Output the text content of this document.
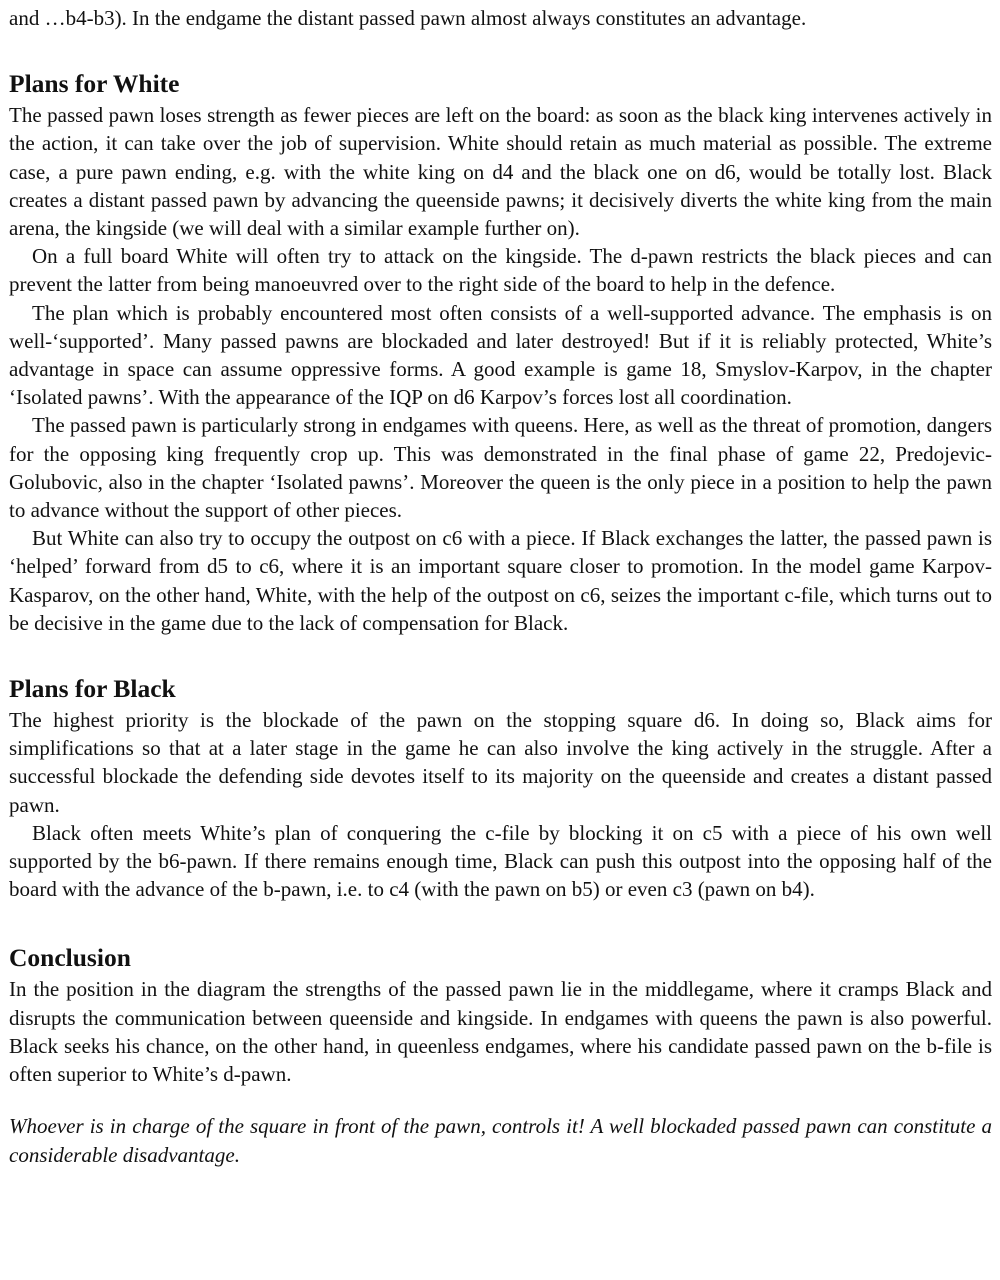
and …b4-b3). In the endgame the distant passed pawn almost always constitutes an advantage.

Plans for White

The passed pawn loses strength as fewer pieces are left on the board: as soon as the black king intervenes actively in the action, it can take over the job of supervision. White should retain as much material as possible. The extreme case, a pure pawn ending, e.g. with the white king on d4 and the black one on d6, would be totally lost. Black creates a distant passed pawn by advancing the queenside pawns; it decisively diverts the white king from the main arena, the kingside (we will deal with a similar example further on).

On a full board White will often try to attack on the kingside. The d-pawn restricts the black pieces and can prevent the latter from being manoeuvred over to the right side of the board to help in the defence.

The plan which is probably encountered most often consists of a well-supported advance. The emphasis is on well-‘supported’. Many passed pawns are blockaded and later destroyed! But if it is reliably protected, White’s advantage in space can assume oppressive forms. A good example is game 18, Smyslov-Karpov, in the chapter ‘Isolated pawns’. With the appearance of the IQP on d6 Karpov’s forces lost all coordination.

The passed pawn is particularly strong in endgames with queens. Here, as well as the threat of promotion, dangers for the opposing king frequently crop up. This was demonstrated in the final phase of game 22, Predojevic-Golubovic, also in the chapter ‘Isolated pawns’. Moreover the queen is the only piece in a position to help the pawn to advance without the support of other pieces.

But White can also try to occupy the outpost on c6 with a piece. If Black exchanges the latter, the passed pawn is ‘helped’ forward from d5 to c6, where it is an important square closer to promotion. In the model game Karpov-Kasparov, on the other hand, White, with the help of the outpost on c6, seizes the important c-file, which turns out to be decisive in the game due to the lack of compensation for Black.

Plans for Black

The highest priority is the blockade of the pawn on the stopping square d6. In doing so, Black aims for simplifications so that at a later stage in the game he can also involve the king actively in the struggle. After a successful blockade the defending side devotes itself to its majority on the queenside and creates a distant passed pawn.

Black often meets White’s plan of conquering the c-file by blocking it on c5 with a piece of his own well supported by the b6-pawn. If there remains enough time, Black can push this outpost into the opposing half of the board with the advance of the b-pawn, i.e. to c4 (with the pawn on b5) or even c3 (pawn on b4).

Conclusion

In the position in the diagram the strengths of the passed pawn lie in the middlegame, where it cramps Black and disrupts the communication between queenside and kingside. In endgames with queens the pawn is also powerful. Black seeks his chance, on the other hand, in queenless endgames, where his candidate passed pawn on the b-file is often superior to White’s d-pawn.

Whoever is in charge of the square in front of the pawn, controls it! A well blockaded passed pawn can constitute a considerable disadvantage.
